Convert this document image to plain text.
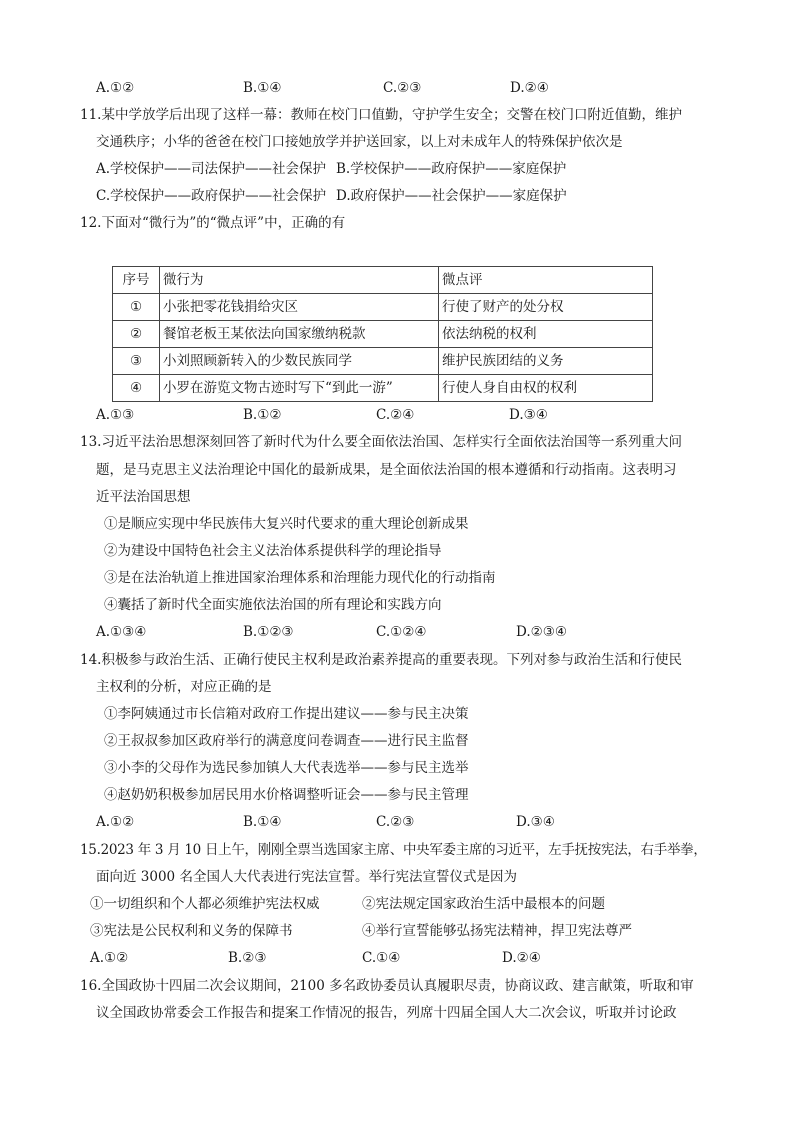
A.①②	B.①④	C.②③	D.②④
11.某中学放学后出现了这样一幕：教师在校门口值勤，守护学生安全；交警在校门口附近值勤，维护
交通秩序；小华的爸爸在校门口接她放学并护送回家，以上对未成年人的特殊保护依次是
A.学校保护——司法保护——社会保护 B.学校保护——政府保护——家庭保护
C.学校保护——政府保护——社会保护 D.政府保护——社会保护——家庭保护
12.下面对“微行为”的“微点评”中，正确的有
序号	微行为	微点评
①	小张把零花钱捐给灾区	行使了财产的处分权
②	餐馆老板王某依法向国家缴纳税款	依法纳税的权利
③	小刘照顾新转入的少数民族同学	维护民族团结的义务
④	小罗在游览文物古迹时写下“到此一游”	行使人身自由权的权利
A.①③	B.①②	C.②④	D.③④
13.习近平法治思想深刻回答了新时代为什么要全面依法治国、怎样实行全面依法治国等一系列重大问
题，是马克思主义法治理论中国化的最新成果，是全面依法治国的根本遵循和行动指南。这表明习
近平法治国思想
①是顺应实现中华民族伟大复兴时代要求的重大理论创新成果
②为建设中国特色社会主义法治体系提供科学的理论指导
③是在法治轨道上推进国家治理体系和治理能力现代化的行动指南
④囊括了新时代全面实施依法治国的所有理论和实践方向
A.①③④	B.①②③	C.①②④	D.②③④
14.积极参与政治生活、正确行使民主权利是政治素养提高的重要表现。下列对参与政治生活和行使民
主权利的分析，对应正确的是
①李阿姨通过市长信箱对政府工作提出建议——参与民主决策
②王叔叔参加区政府举行的满意度问卷调查——进行民主监督
③小李的父母作为选民参加镇人大代表选举——参与民主选举
④赵奶奶积极参加居民用水价格调整听证会——参与民主管理
A.①②	B.①④	C.②③	D.③④
15.2023 年 3 月 10 日上午，刚刚全票当选国家主席、中央军委主席的习近平，左手抚按宪法，右手举拳，
面向近 3000 名全国人大代表进行宪法宣誓。举行宪法宣誓仪式是因为
①一切组织和个人都必须维护宪法权威	②宪法规定国家政治生活中最根本的问题
③宪法是公民权利和义务的保障书	④举行宣誓能够弘扬宪法精神，捍卫宪法尊严
A.①②	B.②③	C.①④	D.②④
16.全国政协十四届二次会议期间，2100 多名政协委员认真履职尽责，协商议政、建言献策，听取和审
议全国政协常委会工作报告和提案工作情况的报告，列席十四届全国人大二次会议，听取并讨论政
